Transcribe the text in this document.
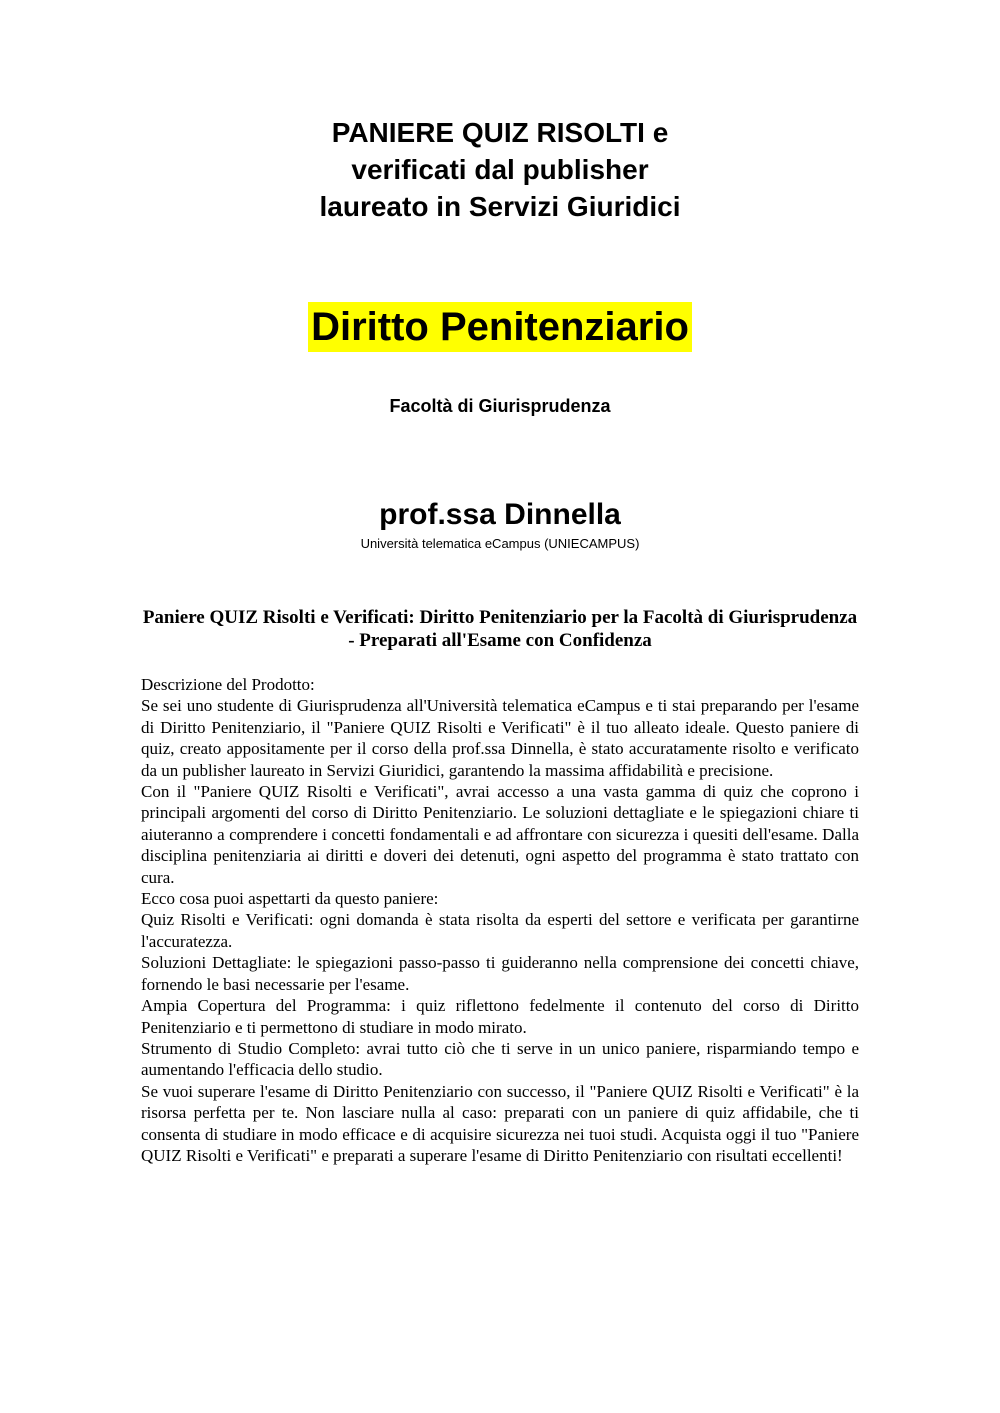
PANIERE QUIZ RISOLTI e
verificati dal publisher
laureato in Servizi Giuridici
Diritto Penitenziario
Facoltà di Giurisprudenza
prof.ssa Dinnella
Università telematica eCampus (UNIECAMPUS)
Paniere QUIZ Risolti e Verificati: Diritto Penitenziario per la Facoltà di Giurisprudenza - Preparati all'Esame con Confidenza

Descrizione del Prodotto:

Se sei uno studente di Giurisprudenza all'Università telematica eCampus e ti stai preparando per l'esame di Diritto Penitenziario, il "Paniere QUIZ Risolti e Verificati" è il tuo alleato ideale. Questo paniere di quiz, creato appositamente per il corso della prof.ssa Dinnella, è stato accuratamente risolto e verificato da un publisher laureato in Servizi Giuridici, garantendo la massima affidabilità e precisione.

Con il "Paniere QUIZ Risolti e Verificati", avrai accesso a una vasta gamma di quiz che coprono i principali argomenti del corso di Diritto Penitenziario. Le soluzioni dettagliate e le spiegazioni chiare ti aiuteranno a comprendere i concetti fondamentali e ad affrontare con sicurezza i quesiti dell'esame. Dalla disciplina penitenziaria ai diritti e doveri dei detenuti, ogni aspetto del programma è stato trattato con cura.

Ecco cosa puoi aspettarti da questo paniere:

Quiz Risolti e Verificati: ogni domanda è stata risolta da esperti del settore e verificata per garantirne l'accuratezza.

Soluzioni Dettagliate: le spiegazioni passo-passo ti guideranno nella comprensione dei concetti chiave, fornendo le basi necessarie per l'esame.

Ampia Copertura del Programma: i quiz riflettono fedelmente il contenuto del corso di Diritto Penitenziario e ti permettono di studiare in modo mirato.

Strumento di Studio Completo: avrai tutto ciò che ti serve in un unico paniere, risparmiando tempo e aumentando l'efficacia dello studio.

Se vuoi superare l'esame di Diritto Penitenziario con successo, il "Paniere QUIZ Risolti e Verificati" è la risorsa perfetta per te. Non lasciare nulla al caso: preparati con un paniere di quiz affidabile, che ti consenta di studiare in modo efficace e di acquisire sicurezza nei tuoi studi. Acquista oggi il tuo "Paniere QUIZ Risolti e Verificati" e preparati a superare l'esame di Diritto Penitenziario con risultati eccellenti!
